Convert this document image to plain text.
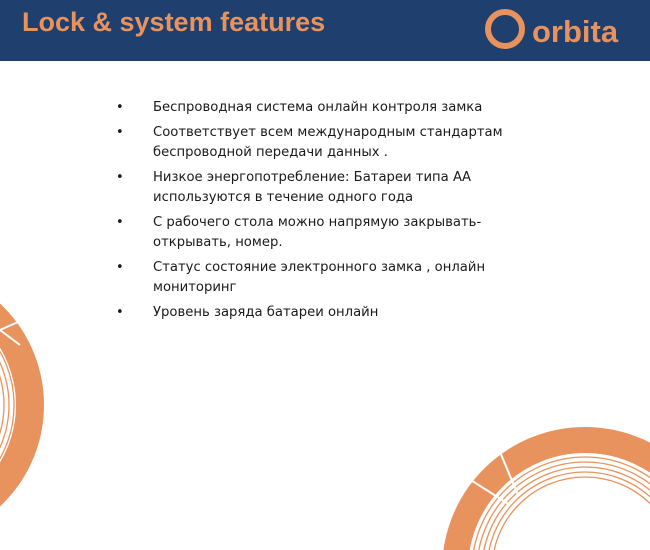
Lock & system features	orbita
• Беспроводная система онлайн контроля замка
• Соответствует всем международным стандартам
беспроводной передачи данных .
• Низкое энергопотребление: Батареи типа АА
используются в течение одного года
• С рабочего стола можно напрямую закрывать-
открывать, номер.
• Статус состояние электронного замка , онлайн
мониторинг
• Уровень заряда батареи онлайн
